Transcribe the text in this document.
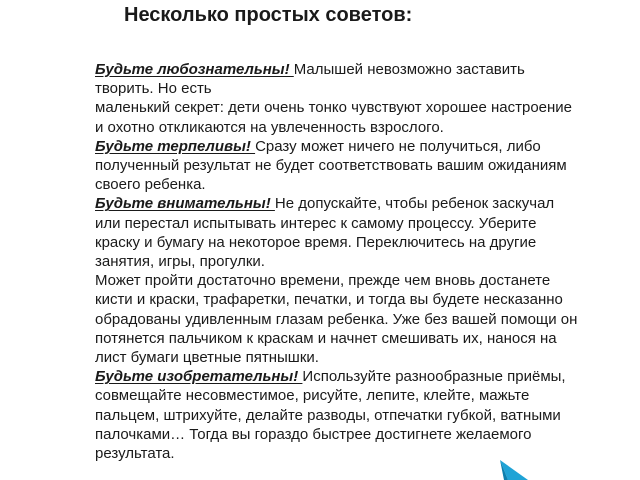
Несколько простых советов:
Будьте любознательны! Малышей невозможно заставить
творить. Но есть
маленький секрет: дети очень тонко чувствуют хорошее настроение
и охотно откликаются на увлеченность взрослого.
Будьте терпеливы! Сразу может ничего не получиться, либо
полученный результат не будет соответствовать вашим ожиданиям
своего ребенка.
Будьте внимательны! Не допускайте, чтобы ребенок заскучал
или перестал испытывать интерес к самому процессу. Уберите
краску и бумагу на некоторое время. Переключитесь на другие
занятия, игры, прогулки.
Может пройти достаточно времени, прежде чем вновь достанете
кисти и краски, трафаретки, печатки, и тогда вы будете несказанно
обрадованы удивленным глазам ребенка. Уже без вашей помощи он
потянется пальчиком к краскам и начнет смешивать их, нанося на
лист бумаги цветные пятнышки.
Будьте изобретательны! Используйте разнообразные приёмы,
совмещайте несовместимое, рисуйте, лепите, клейте, мажьте
пальцем, штрихуйте, делайте разводы, отпечатки губкой, ватными
палочками… Тогда вы гораздо быстрее достигнете желаемого
результата.
